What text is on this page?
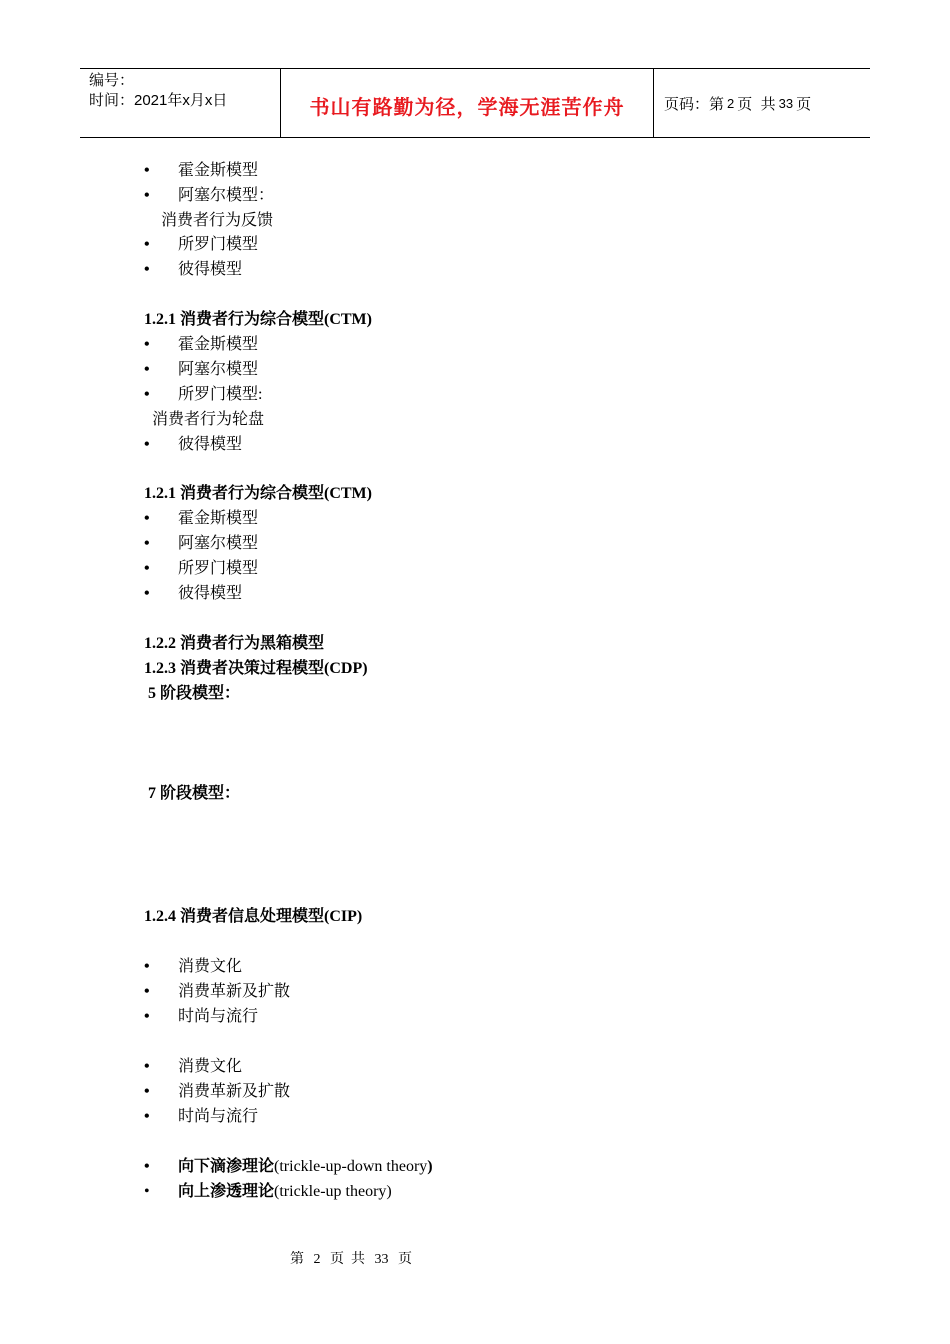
编号：
时间：2021年x月x日	书山有路勤为径，学海无涯苦作舟	页码：第 2 页  共 33 页
• 霍金斯模型
• 阿塞尔模型：
消费者行为反馈
• 所罗门模型
• 彼得模型
1.2.1 消费者行为综合模型(CTM)
• 霍金斯模型
• 阿塞尔模型
• 所罗门模型:
消费者行为轮盘
• 彼得模型
1.2.1 消费者行为综合模型(CTM)
• 霍金斯模型
• 阿塞尔模型
• 所罗门模型
• 彼得模型
1.2.2 消费者行为黑箱模型
1.2.3 消费者决策过程模型(CDP)
5 阶段模型：
7 阶段模型：
1.2.4 消费者信息处理模型(CIP)
• 消费文化
• 消费革新及扩散
• 时尚与流行
• 消费文化
• 消费革新及扩散
• 时尚与流行
• 向下滴渗理论(trickle-up-down theory)
• 向上渗透理论(trickle-up theory)
第 2 页  共 33 页
